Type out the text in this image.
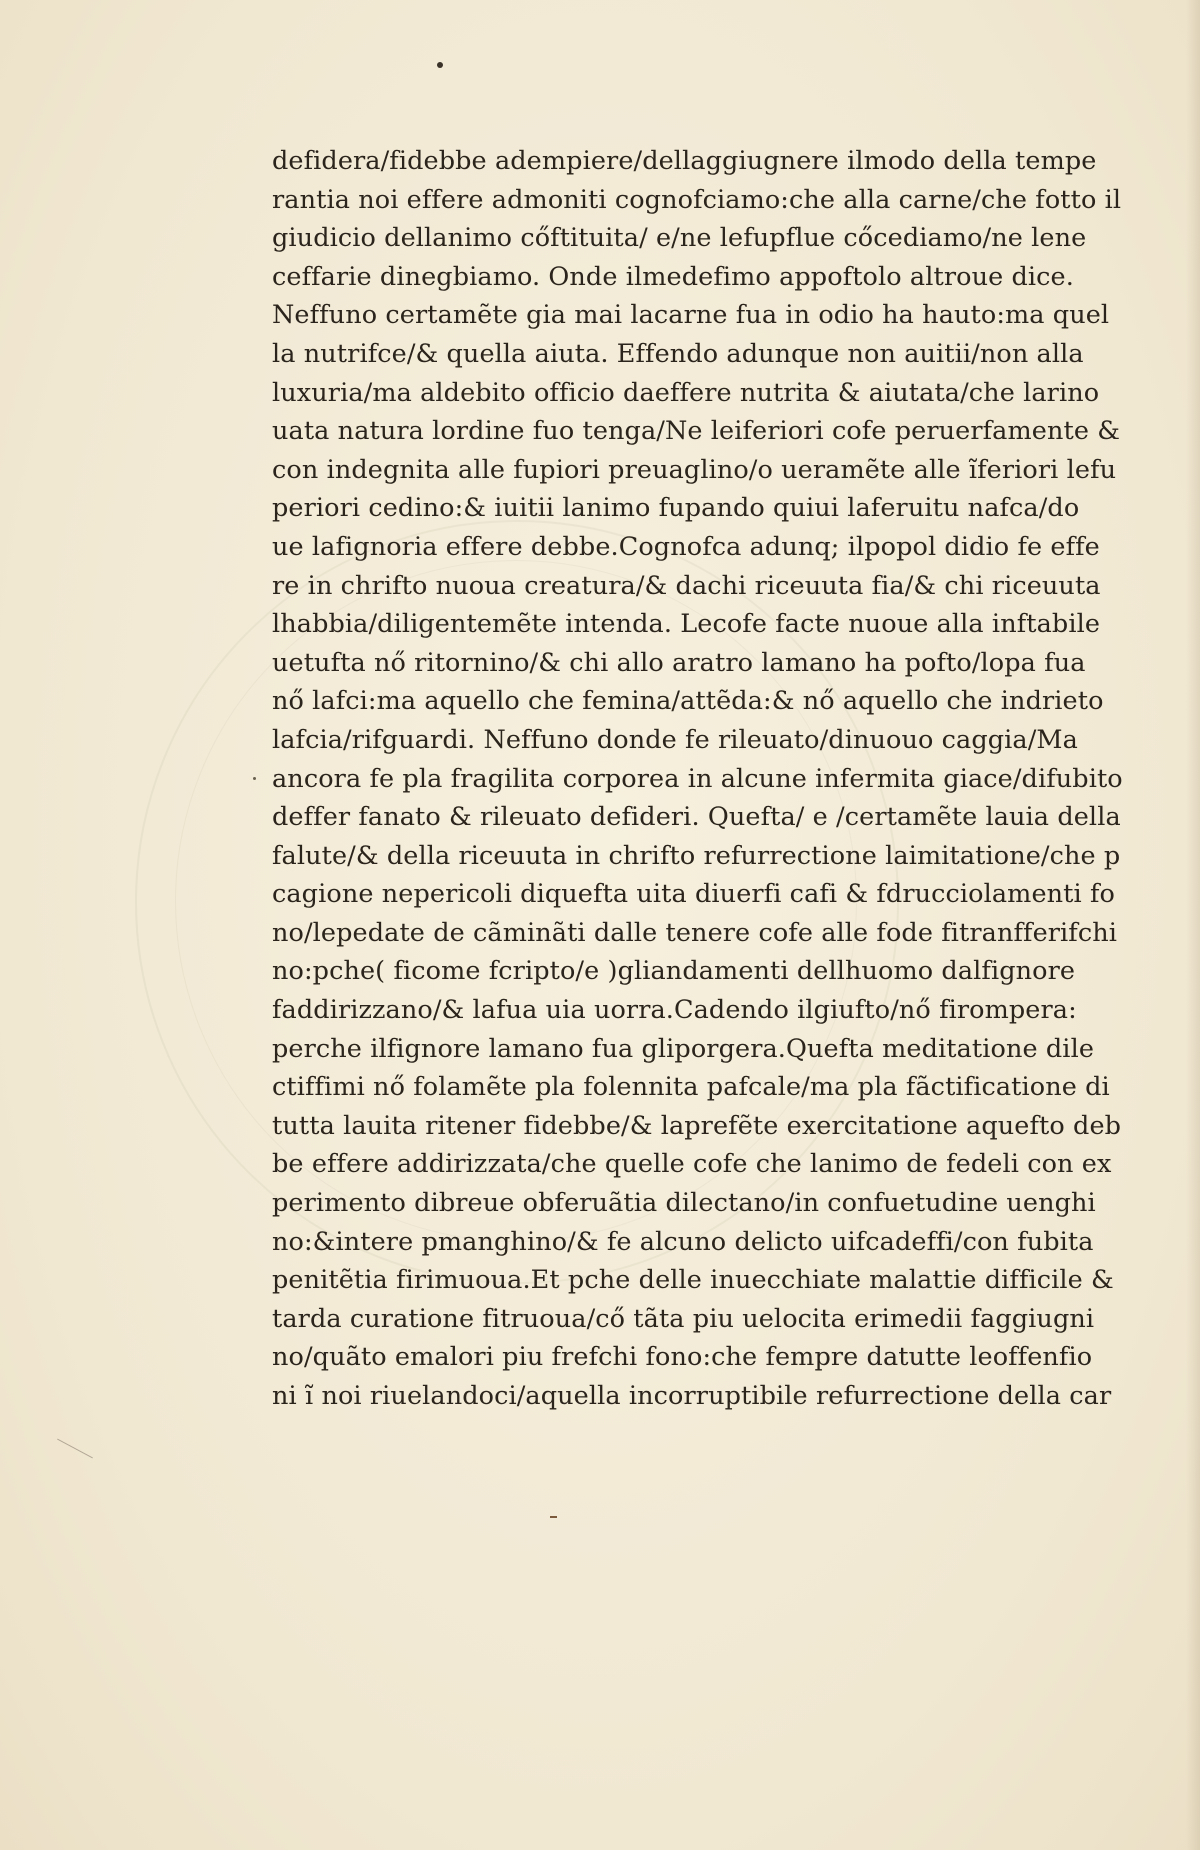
defidera/fidebbe adempiere/dellaggiugnere ilmodo della tempe
rantia noi effere admoniti cognofciamo:che alla carne/che fotto il
giudicio dellanimo cőftituita/ e/ne lefupflue cőcediamo/ne lene
ceffarie dinegbiamo. Onde ilmedefimo appoftolo altroue dice.
Neffuno certamẽte gia mai lacarne fua in odio ha hauto:ma quel
la nutrifce/& quella aiuta. Effendo adunque non auitii/non alla
luxuria/ma aldebito officio daeffere nutrita & aiutata/che larino
uata natura lordine fuo tenga/Ne leiferiori cofe peruerfamente &
con indegnita alle fupiori preuaglino/o ueramẽte alle ĩferiori lefu
periori cedino:& iuitii lanimo fupando quiui laferuitu nafca/do
ue lafignoria effere debbe.Cognofca adunq; ilpopol didio fe effe
re in chrifto nuoua creatura/& dachi riceuuta fia/& chi riceuuta
lhabbia/diligentemẽte intenda. Lecofe facte nuoue alla inftabile
uetufta nő ritornino/& chi allo aratro lamano ha pofto/lopa fua
nő lafci:ma aquello che femina/attẽda:& nő aquello che indrieto
lafcia/rifguardi. Neffuno donde fe rileuato/dinuouo caggia/Ma
ancora fe pla fragilita corporea in alcune infermita giace/difubito
deffer fanato & rileuato defideri. Quefta/ e /certamẽte lauia della
falute/& della riceuuta in chrifto refurrectione laimitatione/che p
cagione nepericoli diquefta uita diuerfi cafi & fdrucciolamenti fo
no/lepedate de cãminãti dalle tenere cofe alle fode fitranfferifchi
no:pche( ficome fcripto/e )gliandamenti dellhuomo dalfignore
faddirizzano/& lafua uia uorra.Cadendo ilgiufto/nő firompera:
perche ilfignore lamano fua gliporgera.Quefta meditatione dile
ctiffimi nő folamẽte pla folennita pafcale/ma pla fãctificatione di
tutta lauita ritener fidebbe/& laprefẽte exercitatione aquefto deb
be effere addirizzata/che quelle cofe che lanimo de fedeli con ex
perimento dibreue obferuãtia dilectano/in confuetudine uenghi
no:&intere pmanghino/& fe alcuno delicto uifcadeffi/con fubita
penitẽtia firimuoua.Et pche delle inuecchiate malattie difficile &
tarda curatione fitruoua/cő tãta piu uelocita erimedii faggiugni
no/quãto emalori piu frefchi fono:che fempre datutte leoffenfio
ni ĩ noi riuelandoci/aquella incorruptibile refurrectione della car
